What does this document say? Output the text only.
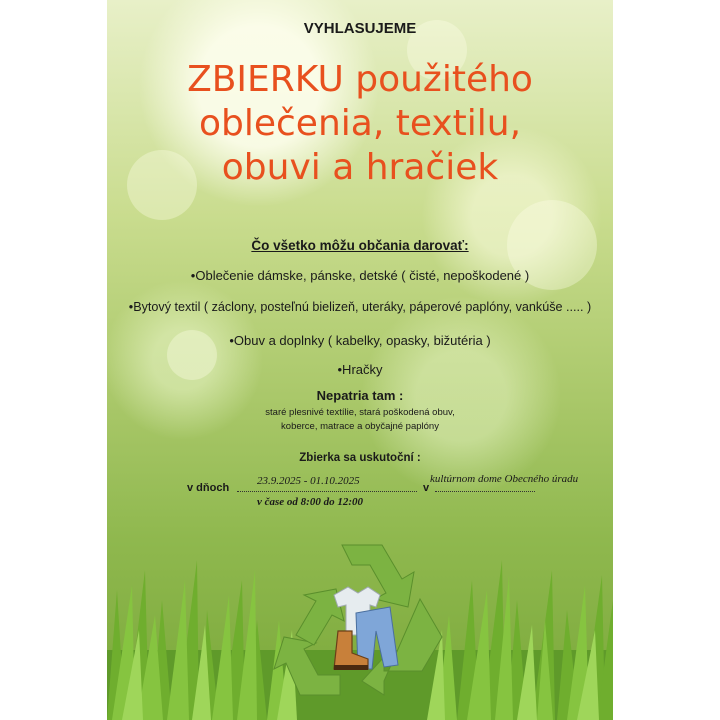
VYHLASUJEME
ZBIERKU použitého
oblečenia, textilu,
obuvi a hračiek
Čo všetko môžu občania darovať:
•Oblečenie dámske, pánske, detské ( čisté, nepoškodené )
•Bytový textil ( záclony, posteľnú bielizeň, uteráky, páperové paplóny, vankúše ..... )
•Obuv a doplnky ( kabelky, opasky, bižutéria )
•Hračky
Nepatria tam :
staré plesnivé textílie, stará poškodená obuv,
koberce, matrace a obyčajné paplóny
Zbierka sa uskutoční :
v dňoch
23.9.2025 - 01.10.2025
v
kultúrnom dome Obecného úradu
v čase od 8:00 do 12:00
